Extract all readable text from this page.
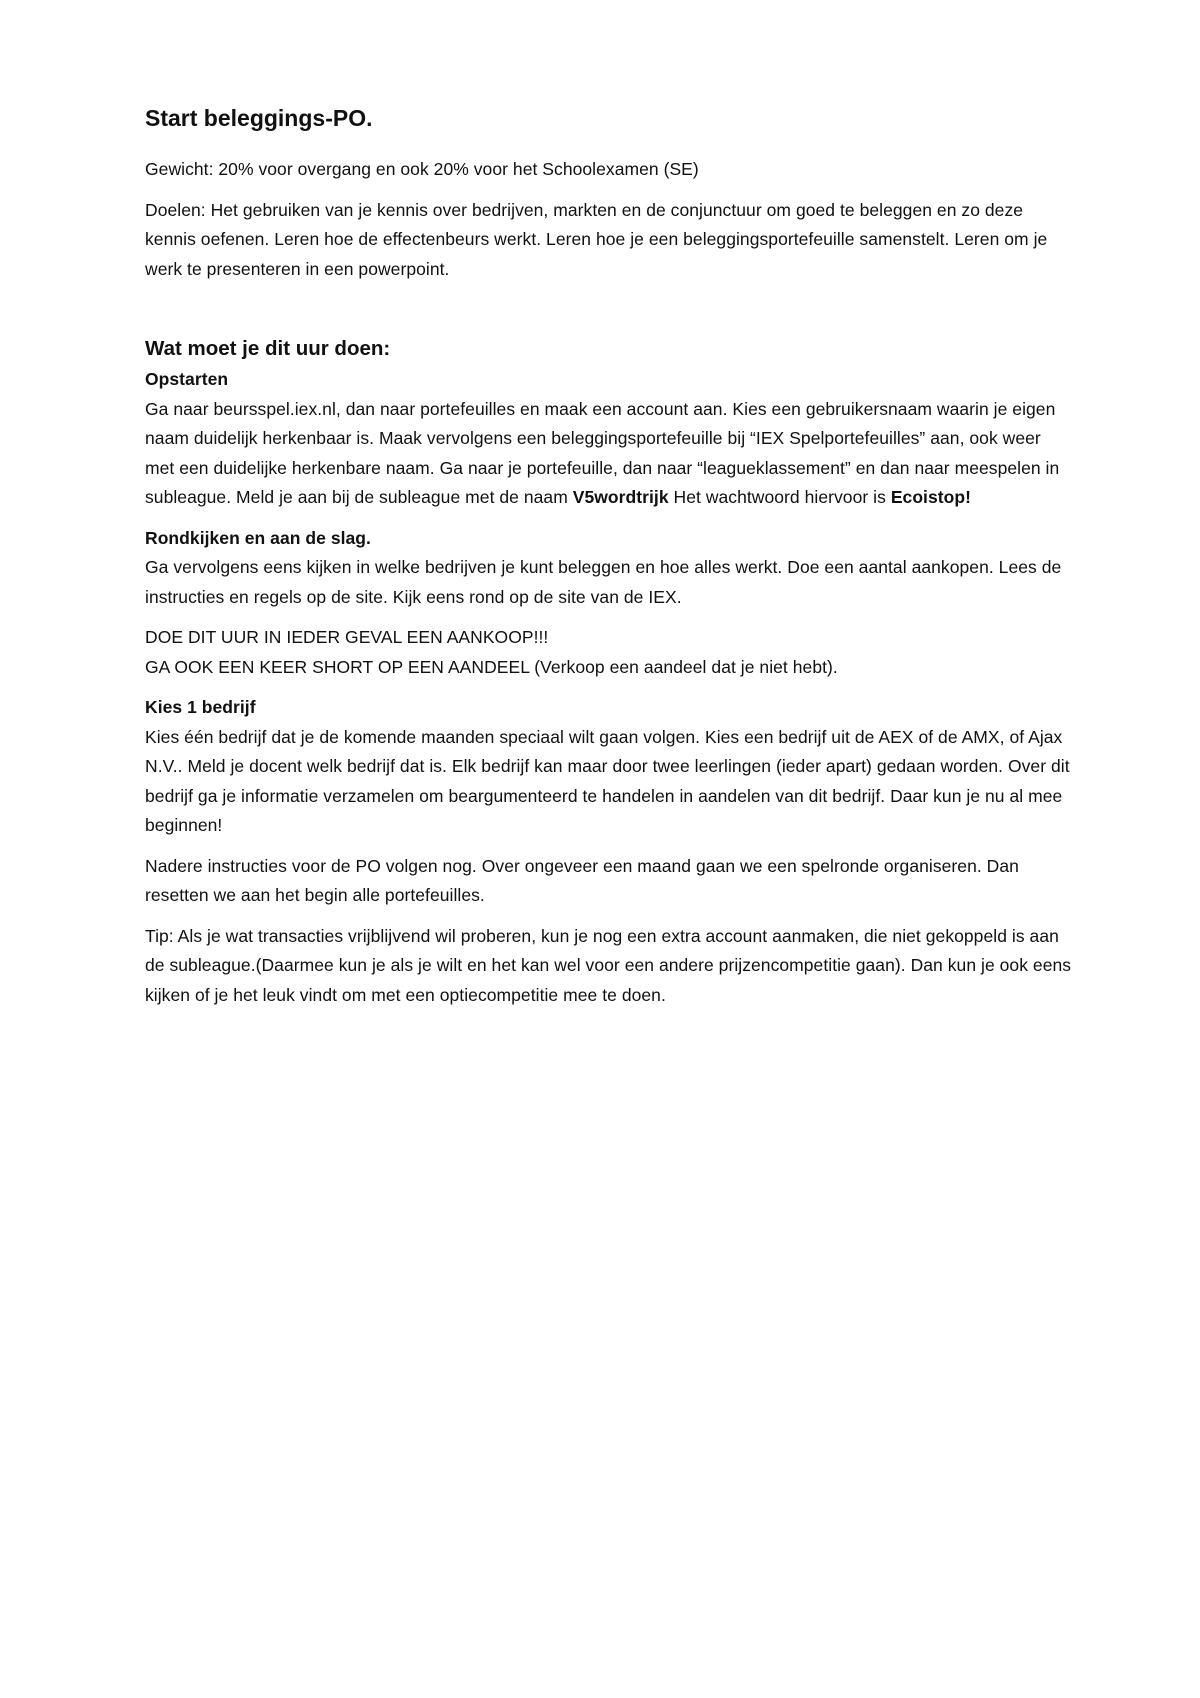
Start beleggings-PO.

Gewicht: 20% voor overgang en ook 20% voor het Schoolexamen (SE)

Doelen: Het gebruiken van je kennis over bedrijven, markten en de conjunctuur om goed te beleggen en zo deze kennis oefenen. Leren hoe de effectenbeurs werkt. Leren hoe je een beleggingsportefeuille samenstelt. Leren om je werk te presenteren in een powerpoint.

Wat moet je dit uur doen:

Opstarten
Ga naar beursspel.iex.nl, dan naar portefeuilles en maak een account aan. Kies een gebruikersnaam waarin je eigen naam duidelijk herkenbaar is. Maak vervolgens een beleggingsportefeuille bij “IEX Spelportefeuilles” aan, ook weer met een duidelijke herkenbare naam. Ga naar je portefeuille, dan naar “leagueklassement” en dan naar meespelen in subleague. Meld je aan bij de subleague met de naam V5wordtrijk Het wachtwoord hiervoor is Ecoistop!

Rondkijken en aan de slag.
Ga vervolgens eens kijken in welke bedrijven je kunt beleggen en hoe alles werkt. Doe een aantal aankopen. Lees de instructies en regels op de site. Kijk eens rond op de site van de IEX.

DOE DIT UUR IN IEDER GEVAL EEN AANKOOP!!!
GA OOK EEN KEER SHORT OP EEN AANDEEL (Verkoop een aandeel dat je niet hebt).

Kies 1 bedrijf
Kies één bedrijf dat je de komende maanden speciaal wilt gaan volgen. Kies een bedrijf uit de AEX of de AMX, of Ajax N.V.. Meld je docent welk bedrijf dat is. Elk bedrijf kan maar door twee leerlingen (ieder apart) gedaan worden. Over dit bedrijf ga je informatie verzamelen om beargumenteerd te handelen in aandelen van dit bedrijf. Daar kun je nu al mee beginnen!

Nadere instructies voor de PO volgen nog. Over ongeveer een maand gaan we een spelronde organiseren. Dan resetten we aan het begin alle portefeuilles.

Tip: Als je wat transacties vrijblijvend wil proberen, kun je nog een extra account aanmaken, die niet gekoppeld is aan de subleague.(Daarmee kun je als je wilt en het kan wel voor een andere prijzencompetitie gaan). Dan kun je ook eens kijken of je het leuk vindt om met een optiecompetitie mee te doen.
